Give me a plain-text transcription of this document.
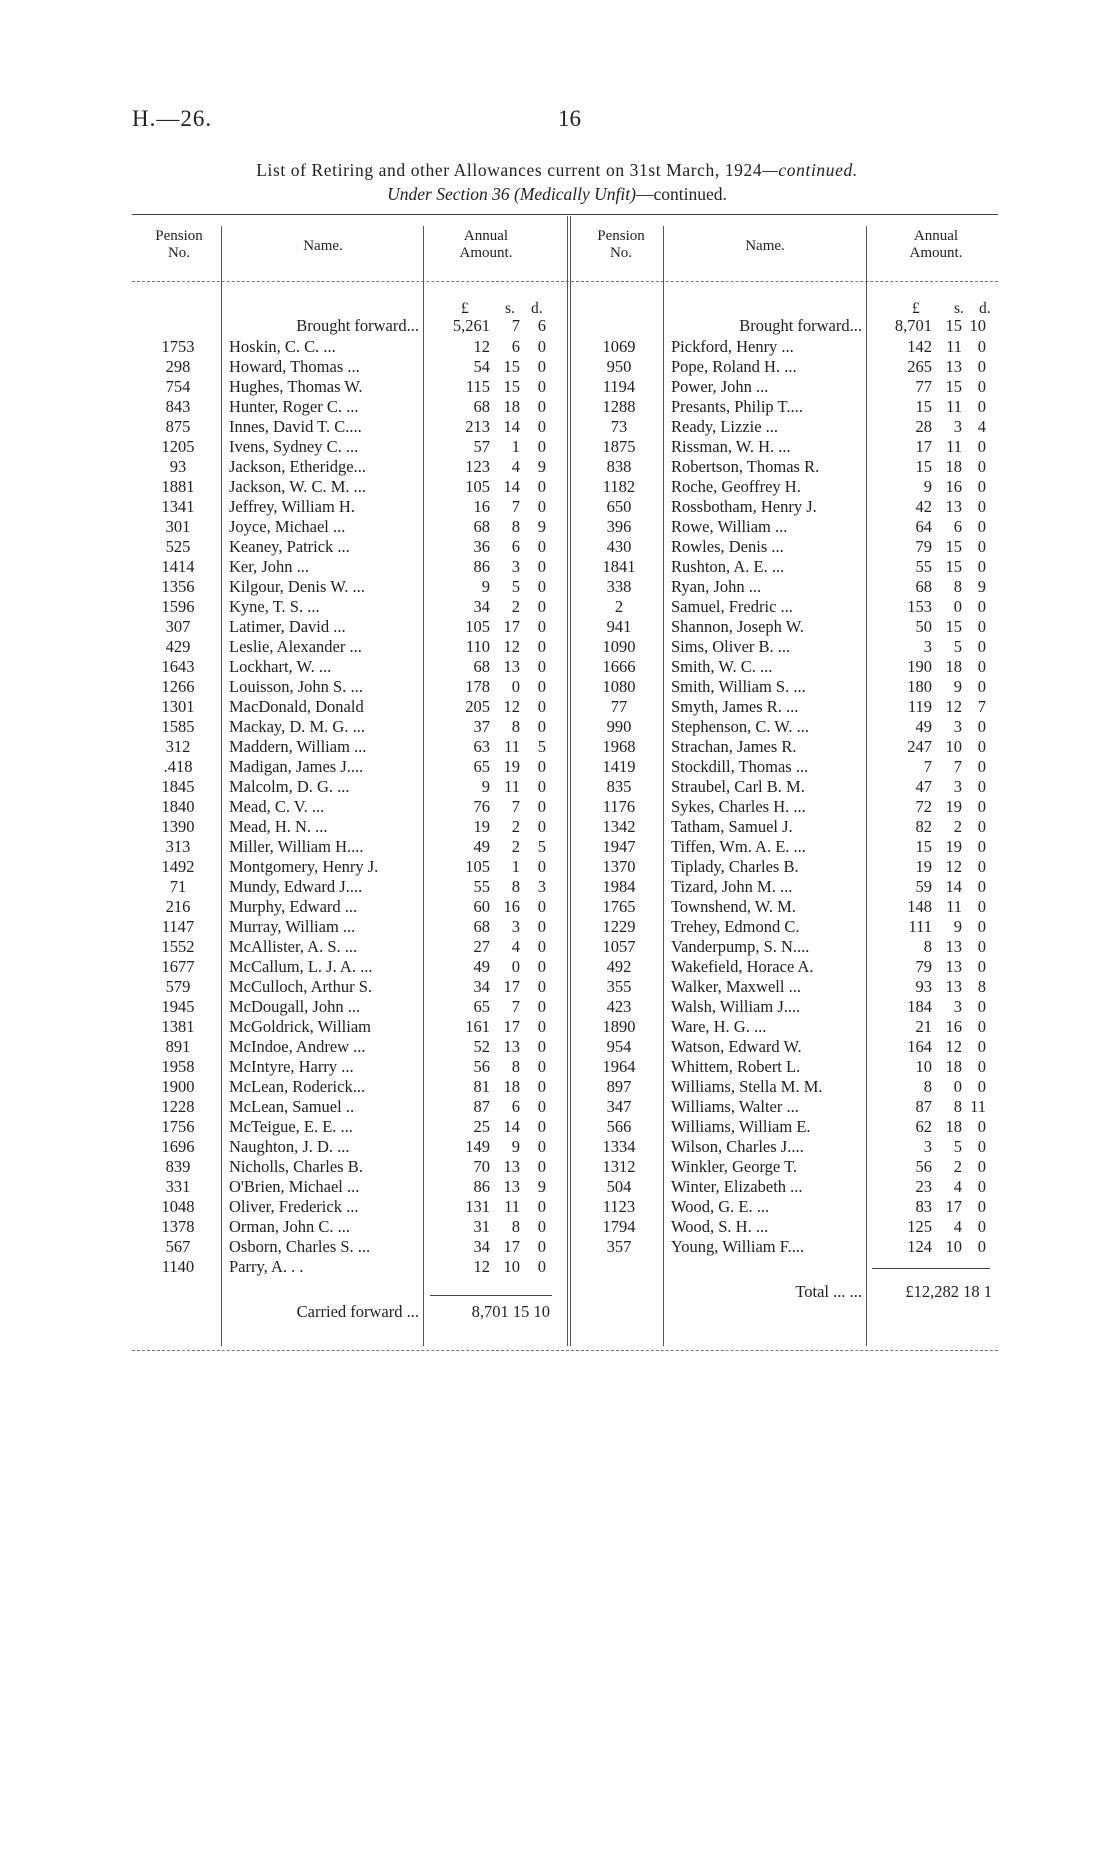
H.—26.	16
List of Retiring and other Allowances current on 31st March, 1924—continued.
Under Section 36 (Medically Unfit)—continued.
Pension No.	Name.
Annual Amount.
Pension No.	Name.
Annual Amount.
£ s. d.	£ s. d.
Brought forward...	5,261	7	6	Brought forward...	8,701 15 10
1753	Hoskin, C. C. ...	12	6	0
298	Howard, Thomas ...	54 15	0
754	Hughes, Thomas W.	115 15	0
843	Hunter, Roger C. ...	68 18	0
875	Innes, David T. C....	213 14	0
1205	Ivens, Sydney C. ...	57	1	0
93	Jackson, Etheridge...	123	4	9
1881	Jackson, W. C. M. ...	105 14	0
1341	Jeffrey, William H.	16	7	0
301	Joyce, Michael ...	68	8	9
525	Keaney, Patrick ...	36	6	0
1414	Ker, John ...	86	3	0
1356	Kilgour, Denis W. ...	9	5	0
1596	Kyne, T. S. ...	34	2	0
307	Latimer, David ...	105 17	0
429	Leslie, Alexander ...	110 12	0
1643	Lockhart, W. ...	68 13	0
1266	Louisson, John S. ...	178	0	0
1301	MacDonald, Donald	205 12	0
1585	Mackay, D. M. G. ...	37	8	0
312	Maddern, William ...	63 11	5
.418	Madigan, James J....	65 19	0
1845	Malcolm, D. G. ...	9 11	0
1840	Mead, C. V. ...	76	7	0
1390	Mead, H. N. ...	19	2	0
313	Miller, William H....	49	2	5
1492	Montgomery, Henry J.	105	1	0
71	Mundy, Edward J....	55	8	3
216	Murphy, Edward ...	60 16	0
1147	Murray, William ...	68	3	0
1552	McAllister, A. S. ...	27	4	0
1677	McCallum, L. J. A. ...	49	0	0
579	McCulloch, Arthur S.	34 17	0
1945	McDougall, John ...	65	7	0
1381	McGoldrick, William	161 17	0
891	McIndoe, Andrew ...	52 13	0
1958	McIntyre, Harry ...	56	8	0
1900	McLean, Roderick...	81 18	0
1228	McLean, Samuel ..	87	6	0
1756	McTeigue, E. E. ...	25 14	0
1696	Naughton, J. D. ...	149	9	0
839	Nicholls, Charles B.	70 13	0
331	O'Brien, Michael ...	86 13	9
1048	Oliver, Frederick ...	131 11	0
1378	Orman, John C. ...	31	8	0
567	Osborn, Charles S. ...	34 17	0
1140	Parry, A. . .	12 10	0
1069	Pickford, Henry ...	142 11 0
950	Pope, Roland H. ...	265 13 0
1194	Power, John ...	77 15 0
1288	Presants, Philip T....	15 11 0
73	Ready, Lizzie ...	28	3 4
1875	Rissman, W. H. ...	17 11 0
838	Robertson, Thomas R.	15 18 0
1182	Roche, Geoffrey H.	9 16 0
650	Rossbotham, Henry J.	42 13 0
396	Rowe, William ...	64	6 0
430	Rowles, Denis ...	79 15 0
1841	Rushton, A. E. ...	55 15 0
338	Ryan, John ...	68	8 9
2	Samuel, Fredric ...	153	0 0
941	Shannon, Joseph W.	50 15 0
1090	Sims, Oliver B. ...	3	5 0
1666	Smith, W. C. ...	190 18 0
1080	Smith, William S. ...	180	9 0
77	Smyth, James R. ...	119 12 7
990	Stephenson, C. W. ...	49	3 0
1968	Strachan, James R.	247 10 0
1419	Stockdill, Thomas ...	7	7 0
835	Straubel, Carl B. M.	47	3 0
1176	Sykes, Charles H. ...	72 19 0
1342	Tatham, Samuel J.	82	2 0
1947	Tiffen, Wm. A. E. ...	15 19 0
1370	Tiplady, Charles B.	19 12 0
1984	Tizard, John M. ...	59 14 0
1765	Townshend, W. M.	148 11 0
1229	Trehey, Edmond C.	111	9 0
1057	Vanderpump, S. N....	8 13 0
492	Wakefield, Horace A.	79 13 0
355	Walker, Maxwell ...	93 13 8
423	Walsh, William J....	184	3 0
1890	Ware, H. G. ...	21 16 0
954	Watson, Edward W.	164 12 0
1964	Whittem, Robert L.	10 18 0
897	Williams, Stella M. M.	8	0 0
347	Williams, Walter ...	87	8 11
566	Williams, William E.	62 18 0
1334	Wilson, Charles J....	3	5 0
1312	Winkler, George T.	56	2 0
504	Winter, Elizabeth ...	23	4 0
1123	Wood, G. E. ...	83 17 0
1794	Wood, S. H. ...	125	4 0
357	Young, William F....	124 10 0
Carried forward ...	8,701 15 10
Total ... ...	£12,282 18 1
